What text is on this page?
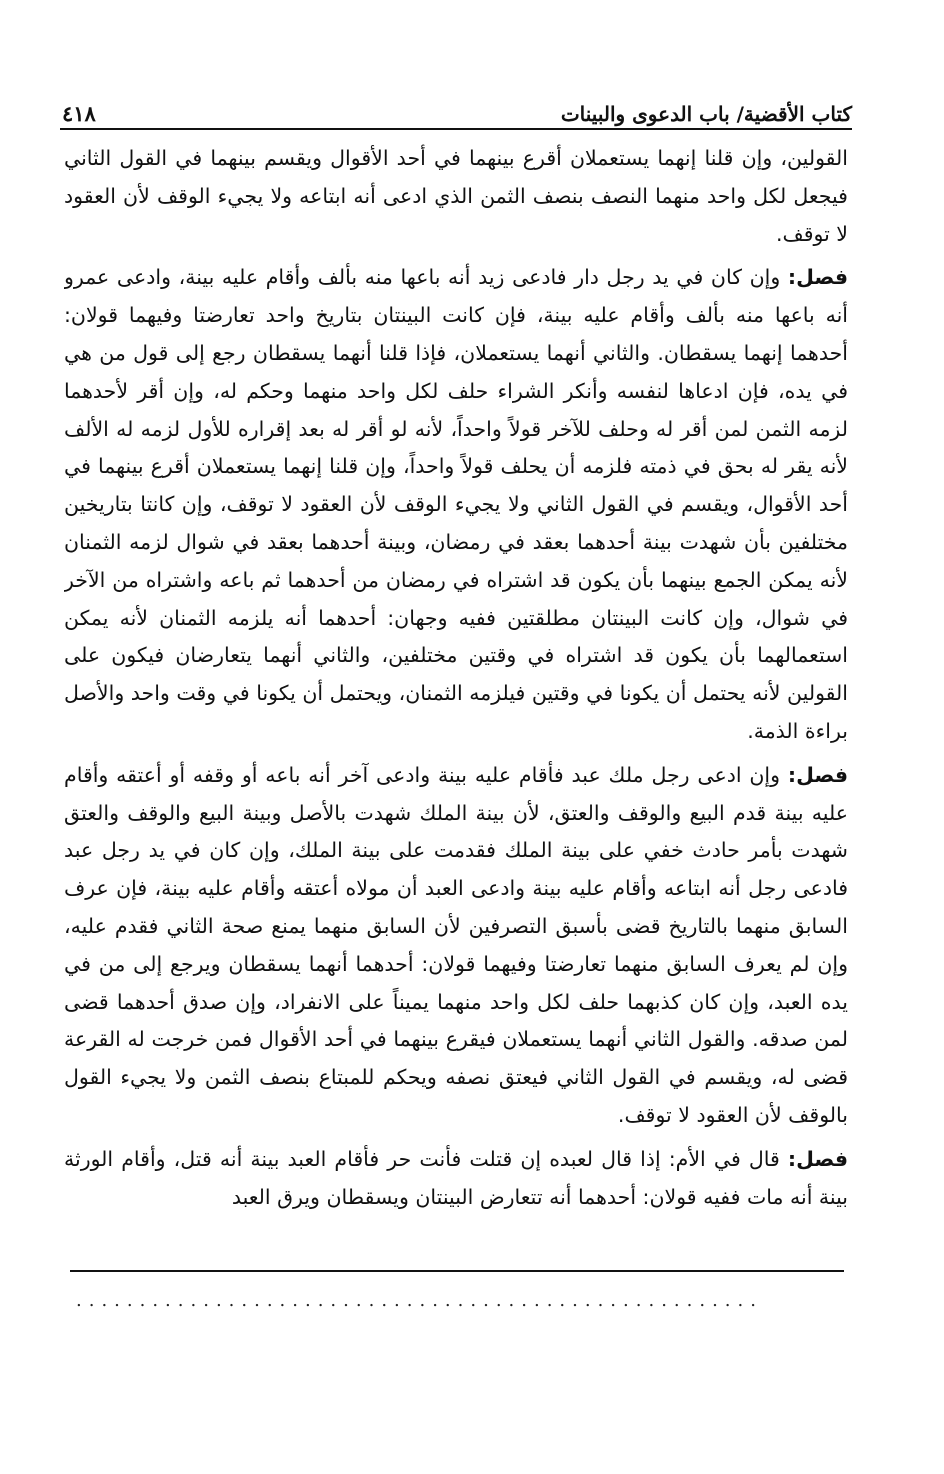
كتاب الأقضية/ باب الدعوى والبينات
٤١٨

القولين، وإن قلنا إنهما يستعملان أقرع بينهما في أحد الأقوال ويقسم بينهما في القول الثاني فيجعل لكل واحد منهما النصف بنصف الثمن الذي ادعى أنه ابتاعه ولا يجيء الوقف لأن العقود لا توقف.

فصل: وإن كان في يد رجل دار فادعى زيد أنه باعها منه بألف وأقام عليه بينة، وادعى عمرو أنه باعها منه بألف وأقام عليه بينة، فإن كانت البينتان بتاريخ واحد تعارضتا وفيهما قولان: أحدهما إنهما يسقطان. والثاني أنهما يستعملان، فإذا قلنا أنهما يسقطان رجع إلى قول من هي في يده، فإن ادعاها لنفسه وأنكر الشراء حلف لكل واحد منهما وحكم له، وإن أقر لأحدهما لزمه الثمن لمن أقر له وحلف للآخر قولاً واحداً، لأنه لو أقر له بعد إقراره للأول لزمه له الألف لأنه يقر له بحق في ذمته فلزمه أن يحلف قولاً واحداً، وإن قلنا إنهما يستعملان أقرع بينهما في أحد الأقوال، ويقسم في القول الثاني ولا يجيء الوقف لأن العقود لا توقف، وإن كانتا بتاريخين مختلفين بأن شهدت بينة أحدهما بعقد في رمضان، وبينة أحدهما بعقد في شوال لزمه الثمنان لأنه يمكن الجمع بينهما بأن يكون قد اشتراه في رمضان من أحدهما ثم باعه واشتراه من الآخر في شوال، وإن كانت البينتان مطلقتين ففيه وجهان: أحدهما أنه يلزمه الثمنان لأنه يمكن استعمالهما بأن يكون قد اشتراه في وقتين مختلفين، والثاني أنهما يتعارضان فيكون على القولين لأنه يحتمل أن يكونا في وقتين فيلزمه الثمنان، ويحتمل أن يكونا في وقت واحد والأصل براءة الذمة.

فصل: وإن ادعى رجل ملك عبد فأقام عليه بينة وادعى آخر أنه باعه أو وقفه أو أعتقه وأقام عليه بينة قدم البيع والوقف والعتق، لأن بينة الملك شهدت بالأصل وبينة البيع والوقف والعتق شهدت بأمر حادث خفي على بينة الملك فقدمت على بينة الملك، وإن كان في يد رجل عبد فادعى رجل أنه ابتاعه وأقام عليه بينة وادعى العبد أن مولاه أعتقه وأقام عليه بينة، فإن عرف السابق منهما بالتاريخ قضى بأسبق التصرفين لأن السابق منهما يمنع صحة الثاني فقدم عليه، وإن لم يعرف السابق منهما تعارضتا وفيهما قولان: أحدهما أنهما يسقطان ويرجع إلى من في يده العبد، وإن كان كذبهما حلف لكل واحد منهما يميناً على الانفراد، وإن صدق أحدهما قضى لمن صدقه. والقول الثاني أنهما يستعملان فيقرع بينهما في أحد الأقوال فمن خرجت له القرعة قضى له، ويقسم في القول الثاني فيعتق نصفه ويحكم للمبتاع بنصف الثمن ولا يجيء القول بالوقف لأن العقود لا توقف.

فصل: قال في الأم: إذا قال لعبده إن قتلت فأنت حر فأقام العبد بينة أنه قتل، وأقام الورثة بينة أنه مات ففيه قولان: أحدهما أنه تتعارض البينتان ويسقطان ويرق العبد

......................................................
